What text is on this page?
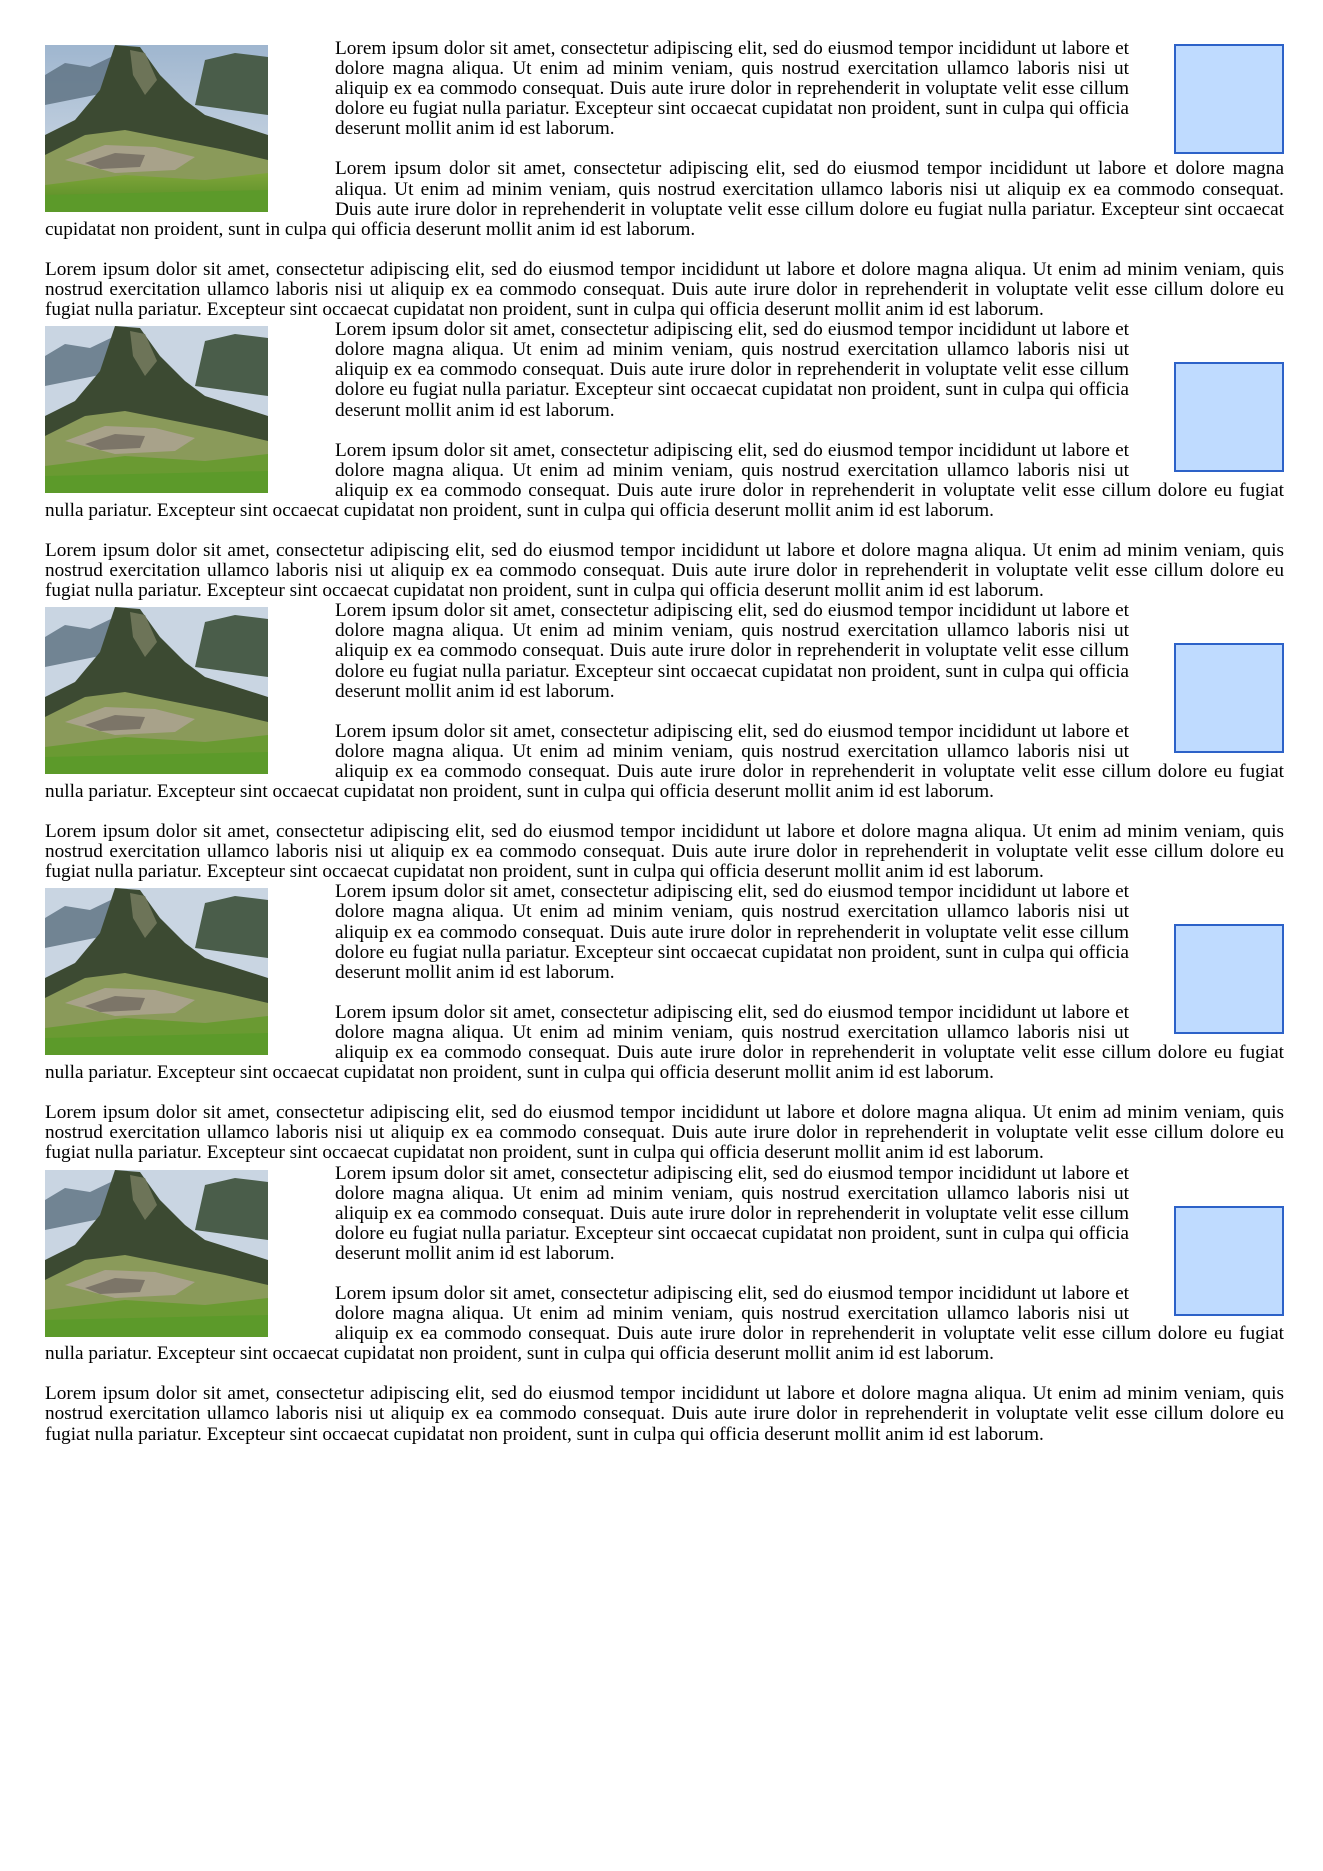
Lorem ipsum dolor sit amet, consectetur adipiscing elit, sed do eiusmod tempor incididunt ut labore et dolore magna aliqua. Ut enim ad minim veniam, quis nostrud exercitation ullamco laboris nisi ut aliquip ex ea commodo consequat. Duis aute irure dolor in reprehenderit in voluptate velit esse cillum dolore eu fugiat nulla pariatur. Excepteur sint occaecat cupidatat non proident, sunt in culpa qui officia deserunt mollit anim id est laborum.

Lorem ipsum dolor sit amet, consectetur adipiscing elit, sed do eiusmod tempor incididunt ut labore et dolore magna aliqua. Ut enim ad minim veniam, quis nostrud exercitation ullamco laboris nisi ut aliquip ex ea commodo consequat. Duis aute irure dolor in reprehenderit in voluptate velit esse cillum dolore eu fugiat nulla pariatur. Excepteur sint occaecat cupidatat non proident, sunt in culpa qui officia deserunt mollit anim id est laborum.

Lorem ipsum dolor sit amet, consectetur adipiscing elit, sed do eiusmod tempor incididunt ut labore et dolore magna aliqua. Ut enim ad minim veniam, quis nostrud exercitation ullamco laboris nisi ut aliquip ex ea commodo consequat. Duis aute irure dolor in reprehenderit in voluptate velit esse cillum dolore eu fugiat nulla pariatur. Excepteur sint occaecat cupidatat non proident, sunt in culpa qui officia deserunt mollit anim id est laborum.

Lorem ipsum dolor sit amet, consectetur adipiscing elit, sed do eiusmod tempor incididunt ut labore et dolore magna aliqua. Ut enim ad minim veniam, quis nostrud exercitation ullamco laboris nisi ut aliquip ex ea commodo consequat. Duis aute irure dolor in reprehenderit in voluptate velit esse cillum dolore eu fugiat nulla pariatur. Excepteur sint occaecat cupidatat non proident, sunt in culpa qui officia deserunt mollit anim id est laborum.

Lorem ipsum dolor sit amet, consectetur adipiscing elit, sed do eiusmod tempor incididunt ut labore et dolore magna aliqua. Ut enim ad minim veniam, quis nostrud exercitation ullamco laboris nisi ut aliquip ex ea commodo consequat. Duis aute irure dolor in reprehenderit in voluptate velit esse cillum dolore eu fugiat nulla pariatur. Excepteur sint occaecat cupidatat non proident, sunt in culpa qui officia deserunt mollit anim id est laborum.

Lorem ipsum dolor sit amet, consectetur adipiscing elit, sed do eiusmod tempor incididunt ut labore et dolore magna aliqua. Ut enim ad minim veniam, quis nostrud exercitation ullamco laboris nisi ut aliquip ex ea commodo consequat. Duis aute irure dolor in reprehenderit in voluptate velit esse cillum dolore eu fugiat nulla pariatur. Excepteur sint occaecat cupidatat non proident, sunt in culpa qui officia deserunt mollit anim id est laborum.

Lorem ipsum dolor sit amet, consectetur adipiscing elit, sed do eiusmod tempor incididunt ut labore et dolore magna aliqua. Ut enim ad minim veniam, quis nostrud exercitation ullamco laboris nisi ut aliquip ex ea commodo consequat. Duis aute irure dolor in reprehenderit in voluptate velit esse cillum dolore eu fugiat nulla pariatur. Excepteur sint occaecat cupidatat non proident, sunt in culpa qui officia deserunt mollit anim id est laborum.

Lorem ipsum dolor sit amet, consectetur adipiscing elit, sed do eiusmod tempor incididunt ut labore et dolore magna aliqua. Ut enim ad minim veniam, quis nostrud exercitation ullamco laboris nisi ut aliquip ex ea commodo consequat. Duis aute irure dolor in reprehenderit in voluptate velit esse cillum dolore eu fugiat nulla pariatur. Excepteur sint occaecat cupidatat non proident, sunt in culpa qui officia deserunt mollit anim id est laborum.

Lorem ipsum dolor sit amet, consectetur adipiscing elit, sed do eiusmod tempor incididunt ut labore et dolore magna aliqua. Ut enim ad minim veniam, quis nostrud exercitation ullamco laboris nisi ut aliquip ex ea commodo consequat. Duis aute irure dolor in reprehenderit in voluptate velit esse cillum dolore eu fugiat nulla pariatur. Excepteur sint occaecat cupidatat non proident, sunt in culpa qui officia deserunt mollit anim id est laborum.

Lorem ipsum dolor sit amet, consectetur adipiscing elit, sed do eiusmod tempor incididunt ut labore et dolore magna aliqua. Ut enim ad minim veniam, quis nostrud exercitation ullamco laboris nisi ut aliquip ex ea commodo consequat. Duis aute irure dolor in reprehenderit in voluptate velit esse cillum dolore eu fugiat nulla pariatur. Excepteur sint occaecat cupidatat non proident, sunt in culpa qui officia deserunt mollit anim id est laborum.

Lorem ipsum dolor sit amet, consectetur adipiscing elit, sed do eiusmod tempor incididunt ut labore et dolore magna aliqua. Ut enim ad minim veniam, quis nostrud exercitation ullamco laboris nisi ut aliquip ex ea commodo consequat. Duis aute irure dolor in reprehenderit in voluptate velit esse cillum dolore eu fugiat nulla pariatur. Excepteur sint occaecat cupidatat non proident, sunt in culpa qui officia deserunt mollit anim id est laborum.

Lorem ipsum dolor sit amet, consectetur adipiscing elit, sed do eiusmod tempor incididunt ut labore et dolore magna aliqua. Ut enim ad minim veniam, quis nostrud exercitation ullamco laboris nisi ut aliquip ex ea commodo consequat. Duis aute irure dolor in reprehenderit in voluptate velit esse cillum dolore eu fugiat nulla pariatur. Excepteur sint occaecat cupidatat non proident, sunt in culpa qui officia deserunt mollit anim id est laborum.

Lorem ipsum dolor sit amet, consectetur adipiscing elit, sed do eiusmod tempor incididunt ut labore et dolore magna aliqua. Ut enim ad minim veniam, quis nostrud exercitation ullamco laboris nisi ut aliquip ex ea commodo consequat. Duis aute irure dolor in reprehenderit in voluptate velit esse cillum dolore eu fugiat nulla pariatur. Excepteur sint occaecat cupidatat non proident, sunt in culpa qui officia deserunt mollit anim id est laborum.

Lorem ipsum dolor sit amet, consectetur adipiscing elit, sed do eiusmod tempor incididunt ut labore et dolore magna aliqua. Ut enim ad minim veniam, quis nostrud exercitation ullamco laboris nisi ut aliquip ex ea commodo consequat. Duis aute irure dolor in reprehenderit in voluptate velit esse cillum dolore eu fugiat nulla pariatur. Excepteur sint occaecat cupidatat non proident, sunt in culpa qui officia deserunt mollit anim id est laborum.

Lorem ipsum dolor sit amet, consectetur adipiscing elit, sed do eiusmod tempor incididunt ut labore et dolore magna aliqua. Ut enim ad minim veniam, quis nostrud exercitation ullamco laboris nisi ut aliquip ex ea commodo consequat. Duis aute irure dolor in reprehenderit in voluptate velit esse cillum dolore eu fugiat nulla pariatur. Excepteur sint occaecat cupidatat non proident, sunt in culpa qui officia deserunt mollit anim id est laborum.
